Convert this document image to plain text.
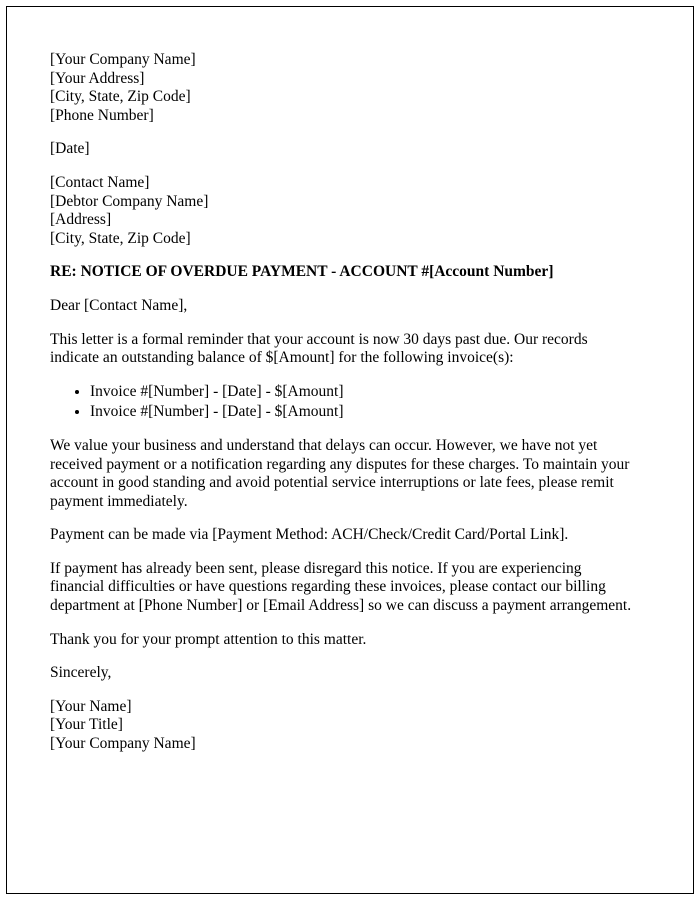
[Your Company Name]
[Your Address]
[City, State, Zip Code]
[Phone Number]
[Date]
[Contact Name]
[Debtor Company Name]
[Address]
[City, State, Zip Code]
RE: NOTICE OF OVERDUE PAYMENT - ACCOUNT #[Account Number]
Dear [Contact Name],
This letter is a formal reminder that your account is now 30 days past due. Our records indicate an outstanding balance of $[Amount] for the following invoice(s):
• Invoice #[Number] - [Date] - $[Amount]
• Invoice #[Number] - [Date] - $[Amount]
We value your business and understand that delays can occur. However, we have not yet received payment or a notification regarding any disputes for these charges. To maintain your account in good standing and avoid potential service interruptions or late fees, please remit payment immediately.
Payment can be made via [Payment Method: ACH/Check/Credit Card/Portal Link].
If payment has already been sent, please disregard this notice. If you are experiencing financial difficulties or have questions regarding these invoices, please contact our billing department at [Phone Number] or [Email Address] so we can discuss a payment arrangement.
Thank you for your prompt attention to this matter.
Sincerely,
[Your Name]
[Your Title]
[Your Company Name]
